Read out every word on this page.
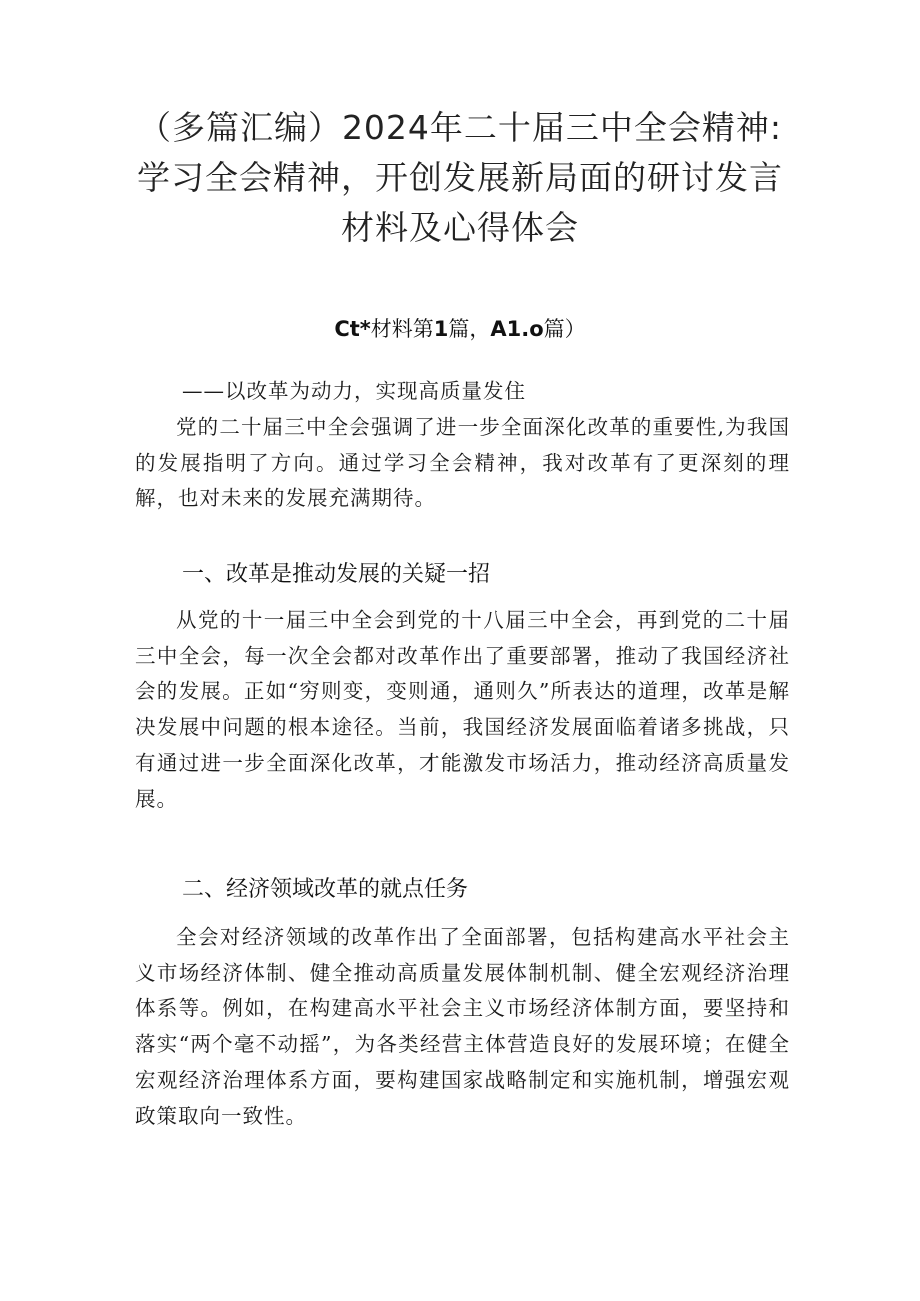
（多篇汇编）2024年二十届三中全会精神:
学习全会精神，开创发展新局面的研讨发言
材料及心得体会
Ct*材料第1篇，A1.o篇）
——以改革为动力，实现高质量发住
党的二十届三中全会强调了进一步全面深化改革的重要性,为我国的发展指明了方向。通过学习全会精神，我对改革有了更深刻的理解，也对未来的发展充满期待。
一、改革是推动发展的关疑一招
从党的十一届三中全会到党的十八届三中全会，再到党的二十届三中全会，每一次全会都对改革作出了重要部署，推动了我国经济社会的发展。正如“穷则变，变则通，通则久”所表达的道理，改革是解决发展中问题的根本途径。当前，我国经济发展面临着诸多挑战，只有通过进一步全面深化改革，才能激发市场活力，推动经济高质量发展。
二、经济领域改革的就点任务
全会对经济领域的改革作出了全面部署，包括构建高水平社会主义市场经济体制、健全推动高质量发展体制机制、健全宏观经济治理体系等。例如，在构建高水平社会主义市场经济体制方面，要坚持和落实“两个毫不动摇”，为各类经营主体营造良好的发展环境；在健全宏观经济治理体系方面，要构建国家战略制定和实施机制，增强宏观政策取向一致性。
